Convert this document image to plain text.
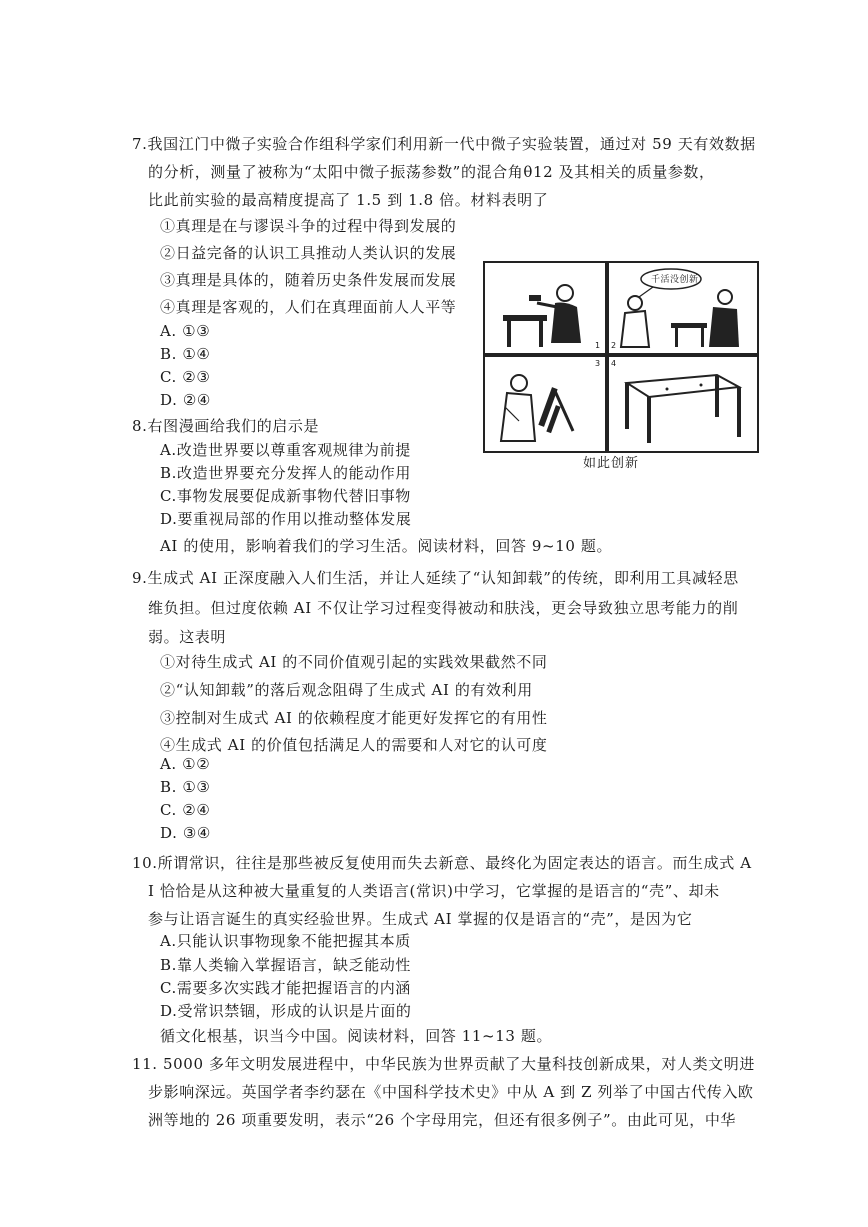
7.我国江门中微子实验合作组科学家们利用新一代中微子实验装置，通过对 59 天有效数据
的分析，测量了被称为“太阳中微子振荡参数”的混合角θ12 及其相关的质量参数，
比此前实验的最高精度提高了 1.5 到 1.8 倍。材料表明了
①真理是在与谬误斗争的过程中得到发展的
②日益完备的认识工具推动人类认识的发展
③真理是具体的，随着历史条件发展而发展
④真理是客观的，人们在真理面前人人平等
A. ①③
B. ①④
C. ②③
D. ②④
8.右图漫画给我们的启示是
A.改造世界要以尊重客观规律为前提
B.改造世界要充分发挥人的能动作用
C.事物发展要促成新事物代替旧事物
D.要重视局部的作用以推动整体发展
1 2
千活没创新
3 4
如此创新
AI 的使用，影响着我们的学习生活。阅读材料，回答 9~10 题。
9.生成式 AI 正深度融入人们生活，并让人延续了“认知卸载”的传统，即利用工具减轻思
维负担。但过度依赖 AI 不仅让学习过程变得被动和肤浅，更会导致独立思考能力的削
弱。这表明
①对待生成式 AI 的不同价值观引起的实践效果截然不同
②“认知卸载”的落后观念阻碍了生成式 AI 的有效利用
③控制对生成式 AI 的依赖程度才能更好发挥它的有用性
④生成式 AI 的价值包括满足人的需要和人对它的认可度
A. ①②
B. ①③
C. ②④
D. ③④
10.所谓常识，往往是那些被反复使用而失去新意、最终化为固定表达的语言。而生成式 A
I 恰恰是从这种被大量重复的人类语言(常识)中学习，它掌握的是语言的“壳”、却未
参与让语言诞生的真实经验世界。生成式 AI 掌握的仅是语言的“壳”，是因为它
A.只能认识事物现象不能把握其本质
B.靠人类输入掌握语言，缺乏能动性
C.需要多次实践才能把握语言的内涵
D.受常识禁锢，形成的认识是片面的
循文化根基，识当今中国。阅读材料，回答 11~13 题。
11. 5000 多年文明发展进程中，中华民族为世界贡献了大量科技创新成果，对人类文明进
步影响深远。英国学者李约瑟在《中国科学技术史》中从 A 到 Z 列举了中国古代传入欧
洲等地的 26 项重要发明，表示“26 个字母用完，但还有很多例子”。由此可见，中华
